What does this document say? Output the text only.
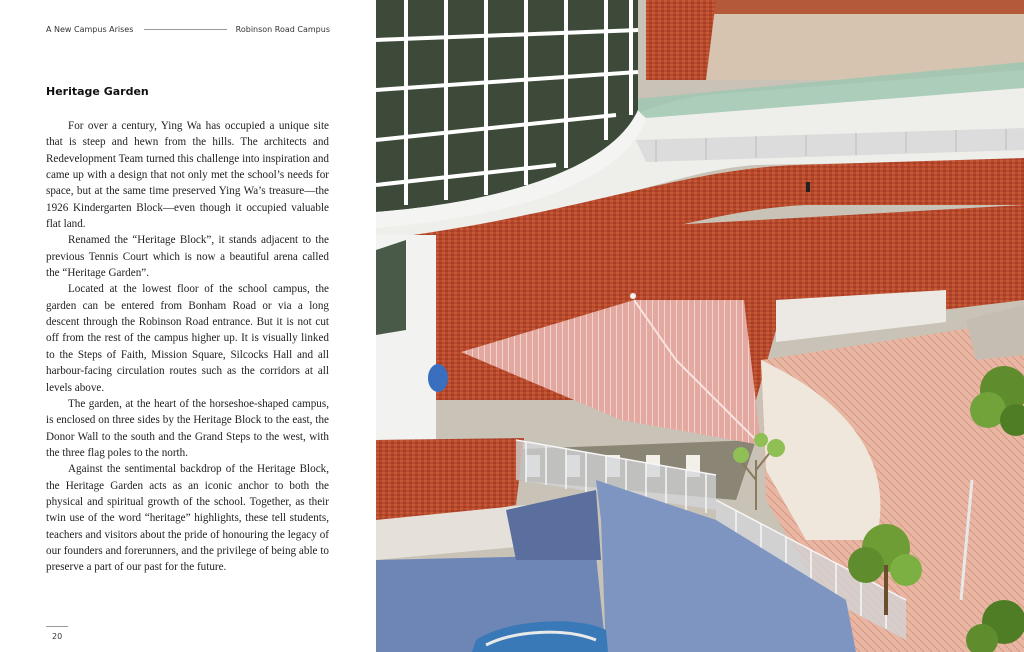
A New Campus Arises	Robinson Road Campus
Heritage Garden

For over a century, Ying Wa has occupied a unique site that is steep and hewn from the hills. The architects and Redevelopment Team turned this challenge into inspiration and came up with a design that not only met the school’s needs for space, but at the same time preserved Ying Wa’s treasure—the 1926 Kindergarten Block—even though it occupied valuable flat land.

Renamed the “Heritage Block”, it stands adjacent to the previous Tennis Court which is now a beautiful arena called the “Heritage Garden”.

Located at the lowest floor of the school campus, the garden can be entered from Bonham Road or via a long descent through the Robinson Road entrance. But it is not cut off from the rest of the campus higher up. It is visually linked to the Steps of Faith, Mission Square, Silcocks Hall and all harbour-facing circulation routes such as the corridors at all levels above.

The garden, at the heart of the horseshoe-shaped campus, is enclosed on three sides by the Heritage Block to the east, the Donor Wall to the south and the Grand Steps to the west, with the three flag poles to the north.

Against the sentimental backdrop of the Heritage Block, the Heritage Garden acts as an iconic anchor to both the physical and spiritual growth of the school. Together, as their twin use of the word “heritage” highlights, these tell students, teachers and visitors about the pride of honouring the legacy of our founders and forerunners, and the privilege of being able to preserve a part of our past for the future.

20
